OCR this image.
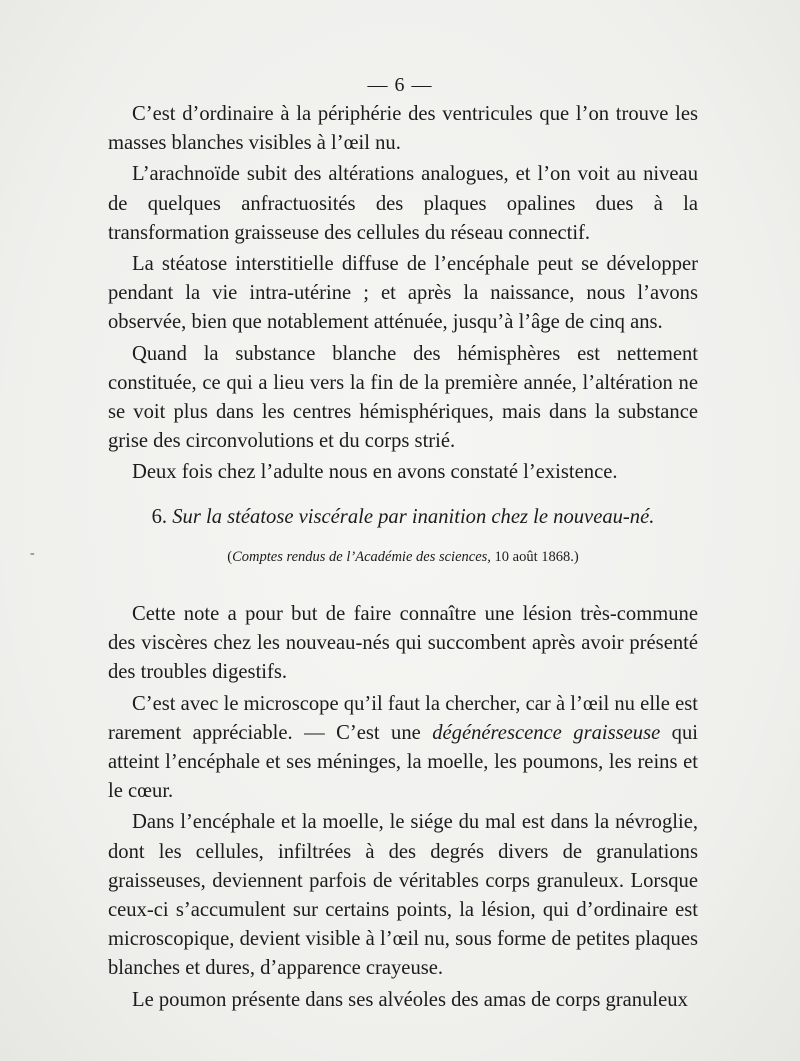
— 6 —

C’est d’ordinaire à la périphérie des ventricules que l’on trouve les masses blanches visibles à l’œil nu.

L’arachnoïde subit des altérations analogues, et l’on voit au niveau de quelques anfractuosités des plaques opalines dues à la transformation graisseuse des cellules du réseau connectif.

La stéatose interstitielle diffuse de l’encéphale peut se développer pendant la vie intra-utérine ; et après la naissance, nous l’avons observée, bien que notablement atténuée, jusqu’à l’âge de cinq ans.

Quand la substance blanche des hémisphères est nettement constituée, ce qui a lieu vers la fin de la première année, l’altération ne se voit plus dans les centres hémisphériques, mais dans la substance grise des circonvolutions et du corps strié.

Deux fois chez l’adulte nous en avons constaté l’existence.

-
6. Sur la stéatose viscérale par inanition chez le nouveau-né.
(Comptes rendus de l’Académie des sciences, 10 août 1868.)

Cette note a pour but de faire connaître une lésion très-commune des viscères chez les nouveau-nés qui succombent après avoir présenté des troubles digestifs.

C’est avec le microscope qu’il faut la chercher, car à l’œil nu elle est rarement appréciable. — C’est une dégénérescence graisseuse qui atteint l’encéphale et ses méninges, la moelle, les poumons, les reins et le cœur.

Dans l’encéphale et la moelle, le siége du mal est dans la névroglie, dont les cellules, infiltrées à des degrés divers de granulations graisseuses, deviennent parfois de véritables corps granuleux. Lorsque ceux-ci s’accumulent sur certains points, la lésion, qui d’ordinaire est microscopique, devient visible à l’œil nu, sous forme de petites plaques blanches et dures, d’apparence crayeuse.

Le poumon présente dans ses alvéoles des amas de corps granuleux
